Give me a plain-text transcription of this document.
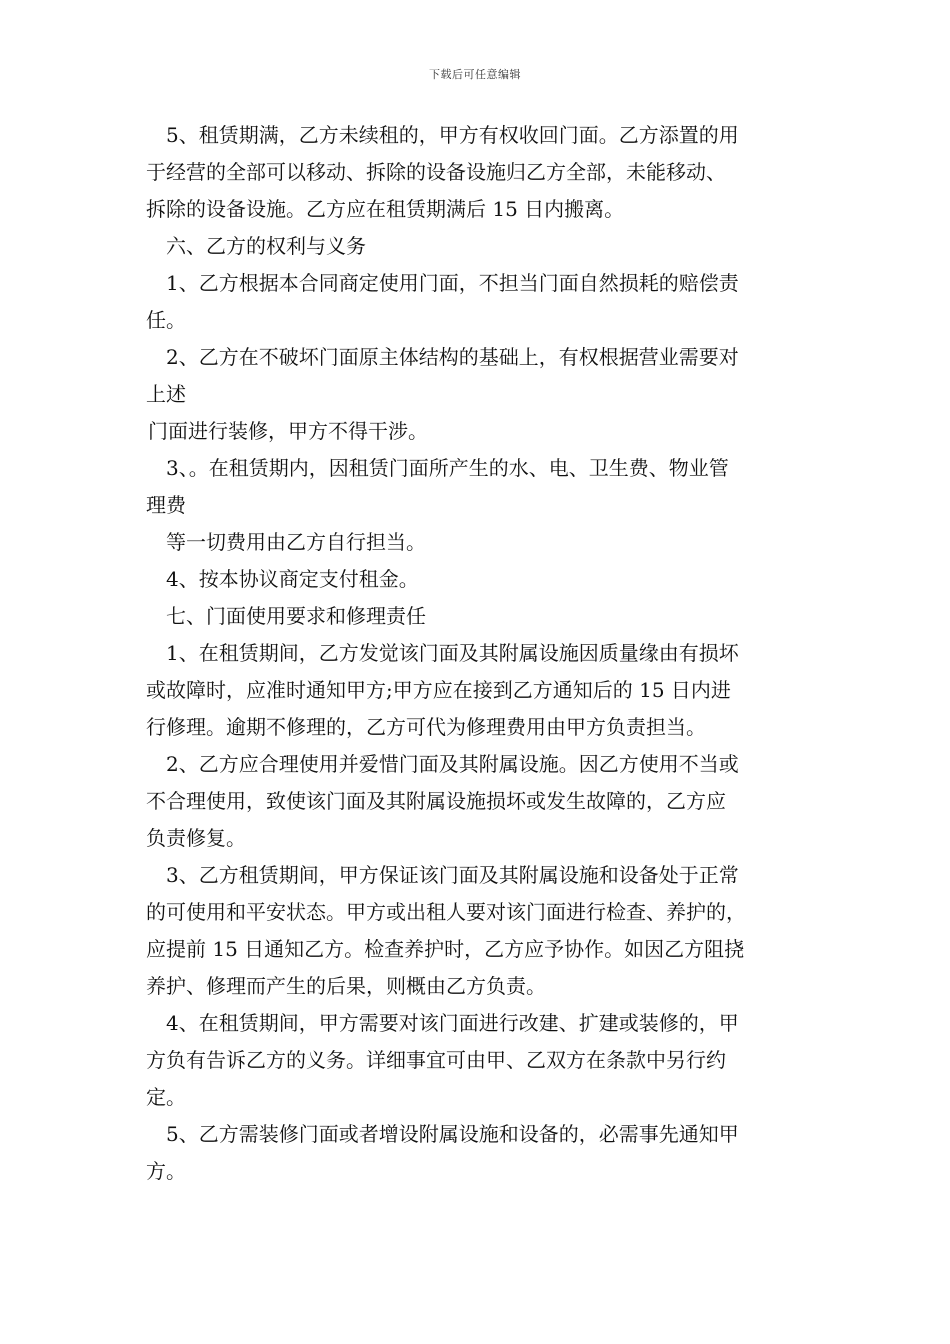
下载后可任意编辑

5、租赁期满，乙方未续租的，甲方有权收回门面。乙方添置的用

于经营的全部可以移动、拆除的设备设施归乙方全部，未能移动、

拆除的设备设施。乙方应在租赁期满后 15 日内搬离。

六、乙方的权利与义务

1、乙方根据本合同商定使用门面，不担当门面自然损耗的赔偿责

任。

2、乙方在不破坏门面原主体结构的基础上，有权根据营业需要对

上述

门面进行装修，甲方不得干涉。

3、。在租赁期内，因租赁门面所产生的水、电、卫生费、物业管

理费

等一切费用由乙方自行担当。

4、按本协议商定支付租金。

七、门面使用要求和修理责任

1、在租赁期间，乙方发觉该门面及其附属设施因质量缘由有损坏

或故障时，应准时通知甲方;甲方应在接到乙方通知后的 15 日内进

行修理。逾期不修理的，乙方可代为修理费用由甲方负责担当。

2、乙方应合理使用并爱惜门面及其附属设施。因乙方使用不当或

不合理使用，致使该门面及其附属设施损坏或发生故障的，乙方应

负责修复。

3、乙方租赁期间，甲方保证该门面及其附属设施和设备处于正常

的可使用和平安状态。甲方或出租人要对该门面进行检查、养护的，

应提前 15 日通知乙方。检查养护时，乙方应予协作。如因乙方阻挠

养护、修理而产生的后果，则概由乙方负责。

4、在租赁期间，甲方需要对该门面进行改建、扩建或装修的，甲

方负有告诉乙方的义务。详细事宜可由甲、乙双方在条款中另行约

定。

5、乙方需装修门面或者增设附属设施和设备的，必需事先通知甲

方。
